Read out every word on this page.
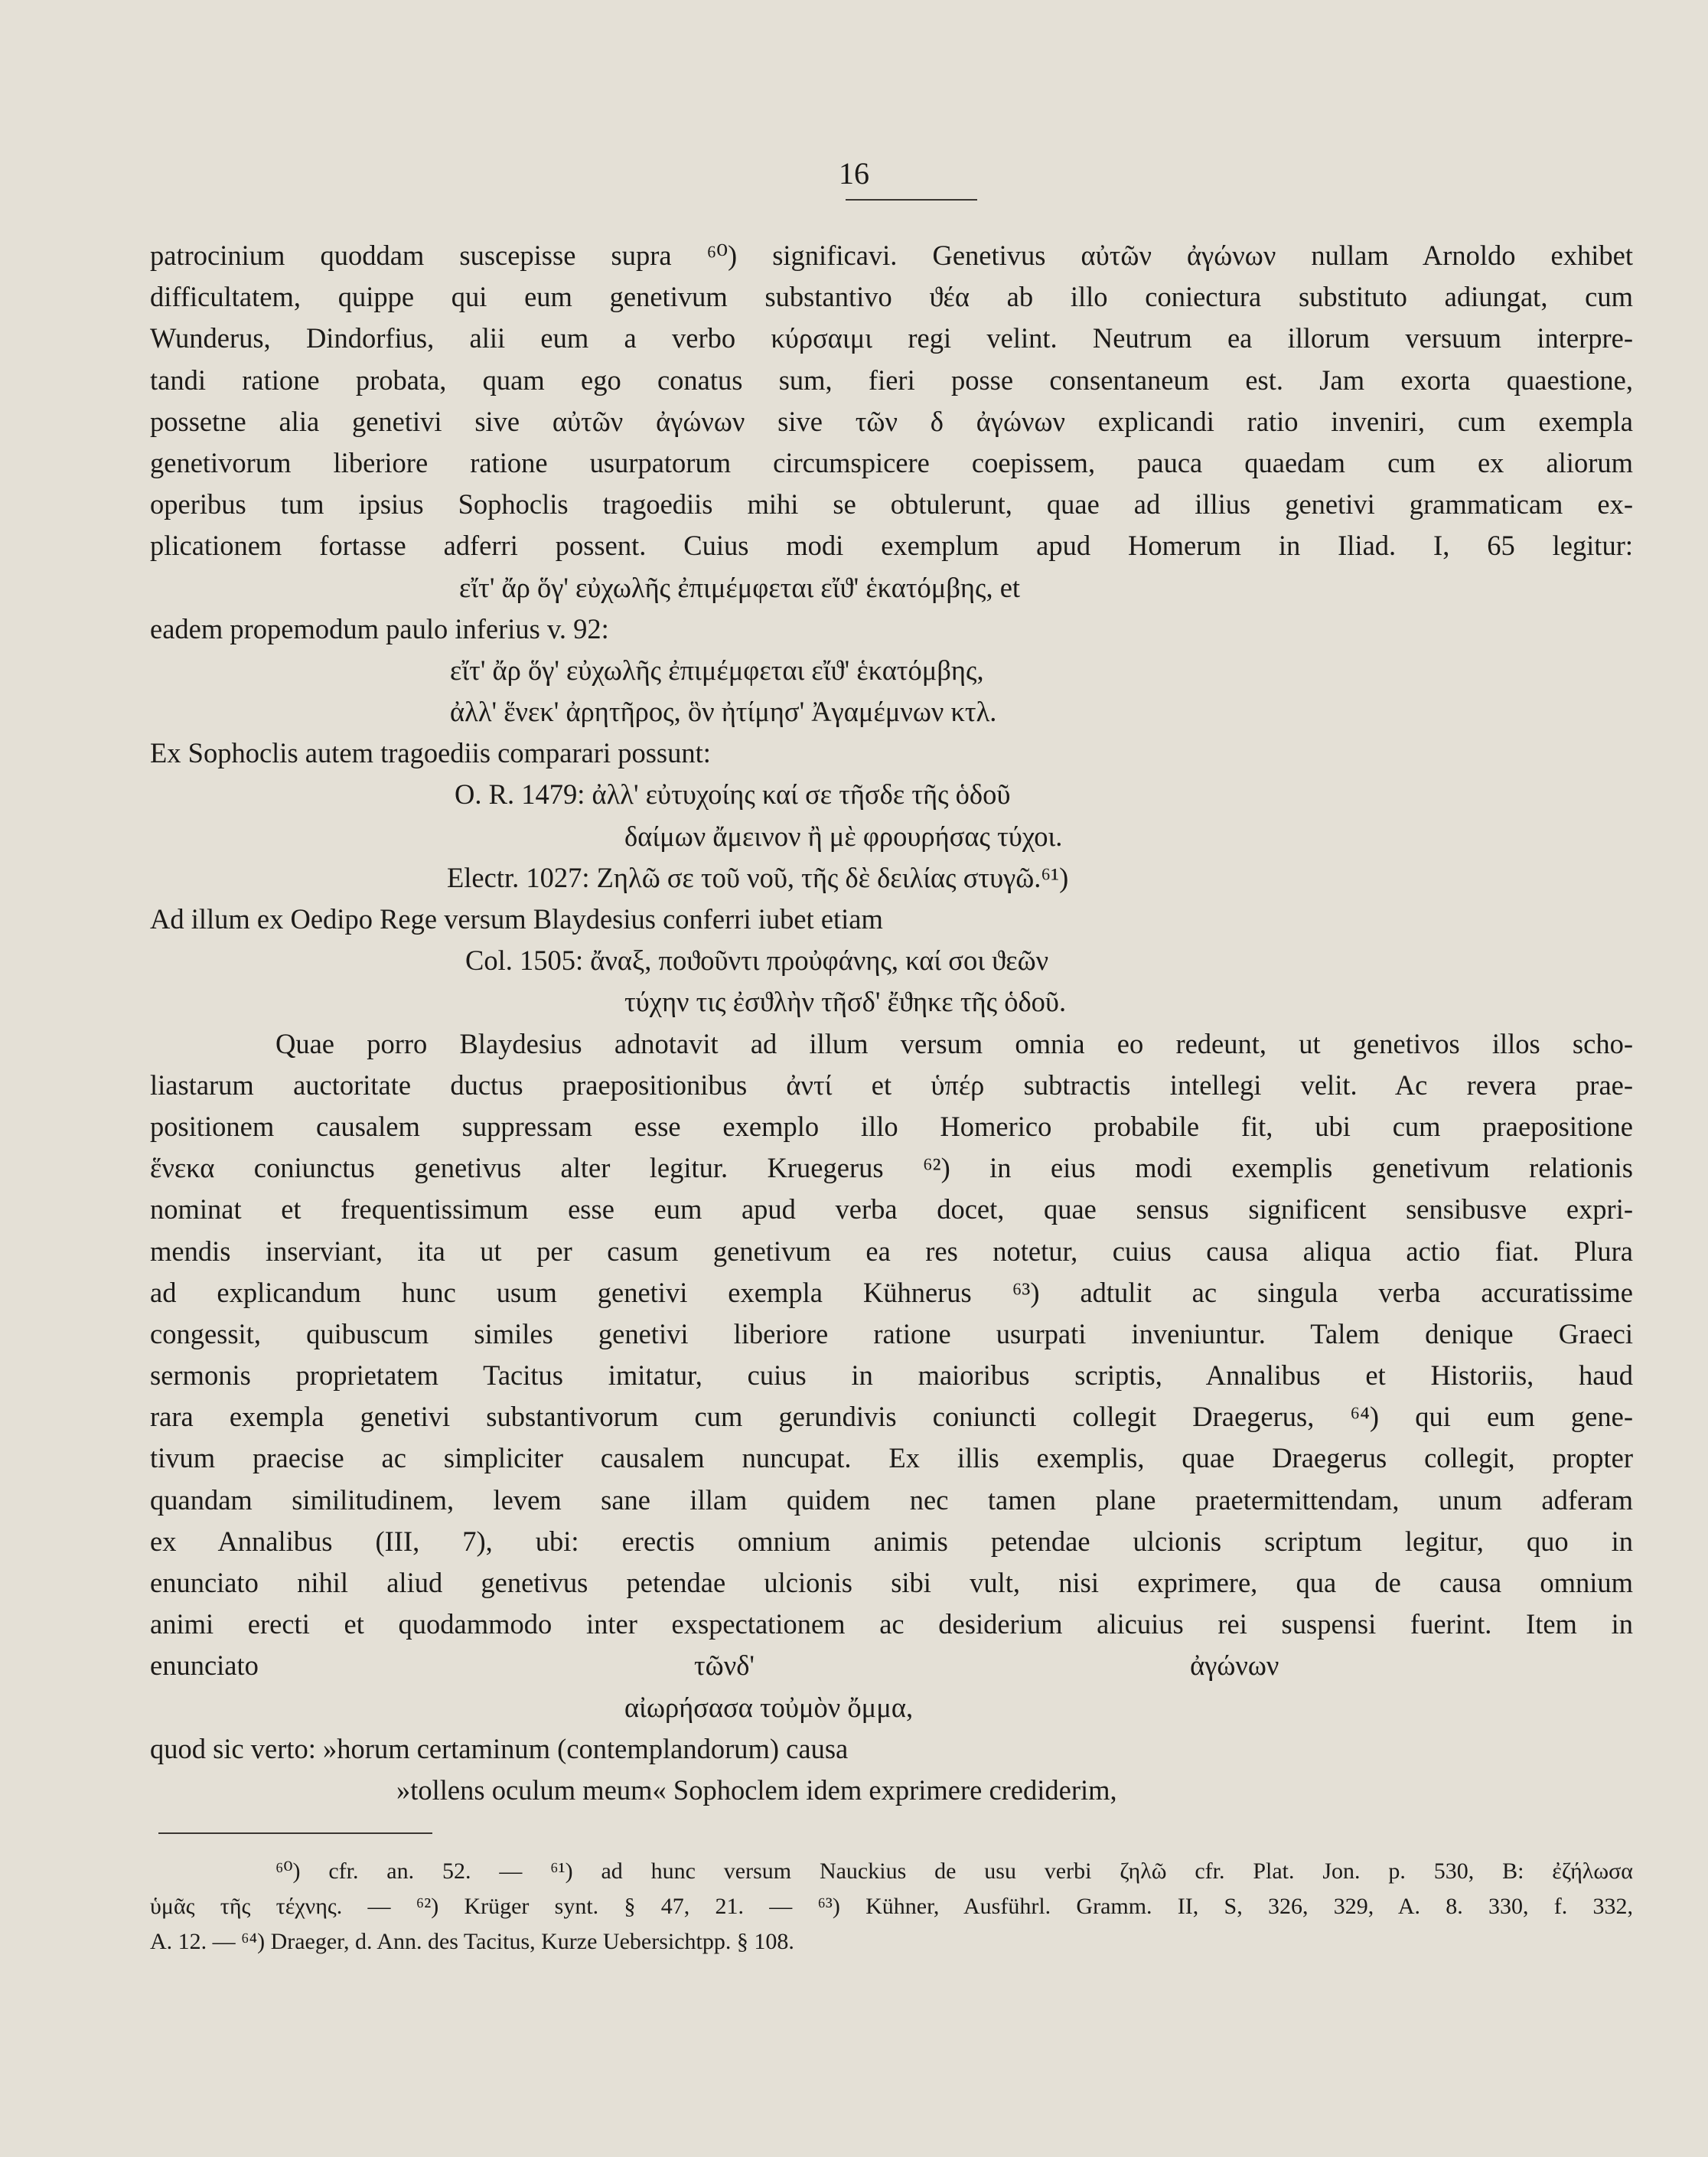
16
patrocinium quoddam suscepisse supra ⁶⁰) significavi. Genetivus αὐτῶν ἀγώνων nullam Arnoldo exhibet
difficultatem, quippe qui eum genetivum substantivo ϑέα ab illo coniectura substituto adiungat, cum
Wunderus, Dindorfius, alii eum a verbo κύρσαιμι regi velint. Neutrum ea illorum versuum interpre-
tandi ratione probata, quam ego conatus sum, fieri posse consentaneum est. Jam exorta quaestione,
possetne alia genetivi sive αὐτῶν ἀγώνων sive τῶν δ ἀγώνων explicandi ratio inveniri, cum exempla
genetivorum liberiore ratione usurpatorum circumspicere coepissem, pauca quaedam cum ex aliorum
operibus tum ipsius Sophoclis tragoediis mihi se obtulerunt, quae ad illius genetivi grammaticam ex-
plicationem fortasse adferri possent. Cuius modi exemplum apud Homerum in Iliad. I, 65 legitur:
εἴτ' ἄρ ὅγ' εὐχωλῆς ἐπιμέμφεται εἴϑ' ἑκατόμβης, et
eadem propemodum paulo inferius v. 92:
εἴτ' ἄρ ὅγ' εὐχωλῆς ἐπιμέμφεται εἴϑ' ἑκατόμβης,
ἀλλ' ἕνεκ' ἀρητῆρος, ὃν ἠτίμησ' Ἀγαμέμνων κτλ.
Ex Sophoclis autem tragoediis comparari possunt:
O. R. 1479: ἀλλ' εὐτυχοίης καί σε τῆσδε τῆς ὁδοῦ
δαίμων ἄμεινον ἢ μὲ φρουρήσας τύχοι.
Electr. 1027: Ζηλῶ σε τοῦ νοῦ, τῆς δὲ δειλίας στυγῶ.⁶¹)
Ad illum ex Oedipo Rege versum Blaydesius conferri iubet etiam
Col. 1505: ἄναξ, ποϑοῦντι προὐφάνης, καί σοι ϑεῶν
τύχην τις ἐσϑλὴν τῆσδ' ἔϑηκε τῆς ὁδοῦ.
Quae porro Blaydesius adnotavit ad illum versum omnia eo redeunt, ut genetivos illos scho-
liastarum auctoritate ductus praepositionibus ἀντί et ὑπέρ subtractis intellegi velit. Ac revera prae-
positionem causalem suppressam esse exemplo illo Homerico probabile fit, ubi cum praepositione
ἕνεκα coniunctus genetivus alter legitur. Kruegerus ⁶²) in eius modi exemplis genetivum relationis
nominat et frequentissimum esse eum apud verba docet, quae sensus significent sensibusve expri-
mendis inserviant, ita ut per casum genetivum ea res notetur, cuius causa aliqua actio fiat. Plura
ad explicandum hunc usum genetivi exempla Kühnerus ⁶³) adtulit ac singula verba accuratissime
congessit, quibuscum similes genetivi liberiore ratione usurpati inveniuntur. Talem denique Graeci
sermonis proprietatem Tacitus imitatur, cuius in maioribus scriptis, Annalibus et Historiis, haud
rara exempla genetivi substantivorum cum gerundivis coniuncti collegit Draegerus, ⁶⁴) qui eum gene-
tivum praecise ac simpliciter causalem nuncupat. Ex illis exemplis, quae Draegerus collegit, propter
quandam similitudinem, levem sane illam quidem nec tamen plane praetermittendam, unum adferam
ex Annalibus (III, 7), ubi: erectis omnium animis petendae ulcionis scriptum legitur, quo in
enunciato nihil aliud genetivus petendae ulcionis sibi vult, nisi exprimere, qua de causa omnium
animi erecti et quodammodo inter exspectationem ac desiderium alicuius rei suspensi fuerint. Item in
enunciato τῶνδ' ἀγώνων
αἰωρήσασα τοὐμὸν ὄμμα,
quod sic verto: »horum certaminum (contemplandorum) causa
»tollens oculum meum« Sophoclem idem exprimere crediderim,
⁶⁰) cfr. an. 52. — ⁶¹) ad hunc versum Nauckius de usu verbi ζηλῶ cfr. Plat. Jon. p. 530, B: ἐζήλωσα
ὑμᾶς τῆς τέχνης. — ⁶²) Krüger synt. § 47, 21. — ⁶³) Kühner, Ausführl. Gramm. II, S, 326, 329, A. 8. 330, f. 332,
A. 12. — ⁶⁴) Draeger, d. Ann. des Tacitus, Kurze Uebersichtpp. § 108.
